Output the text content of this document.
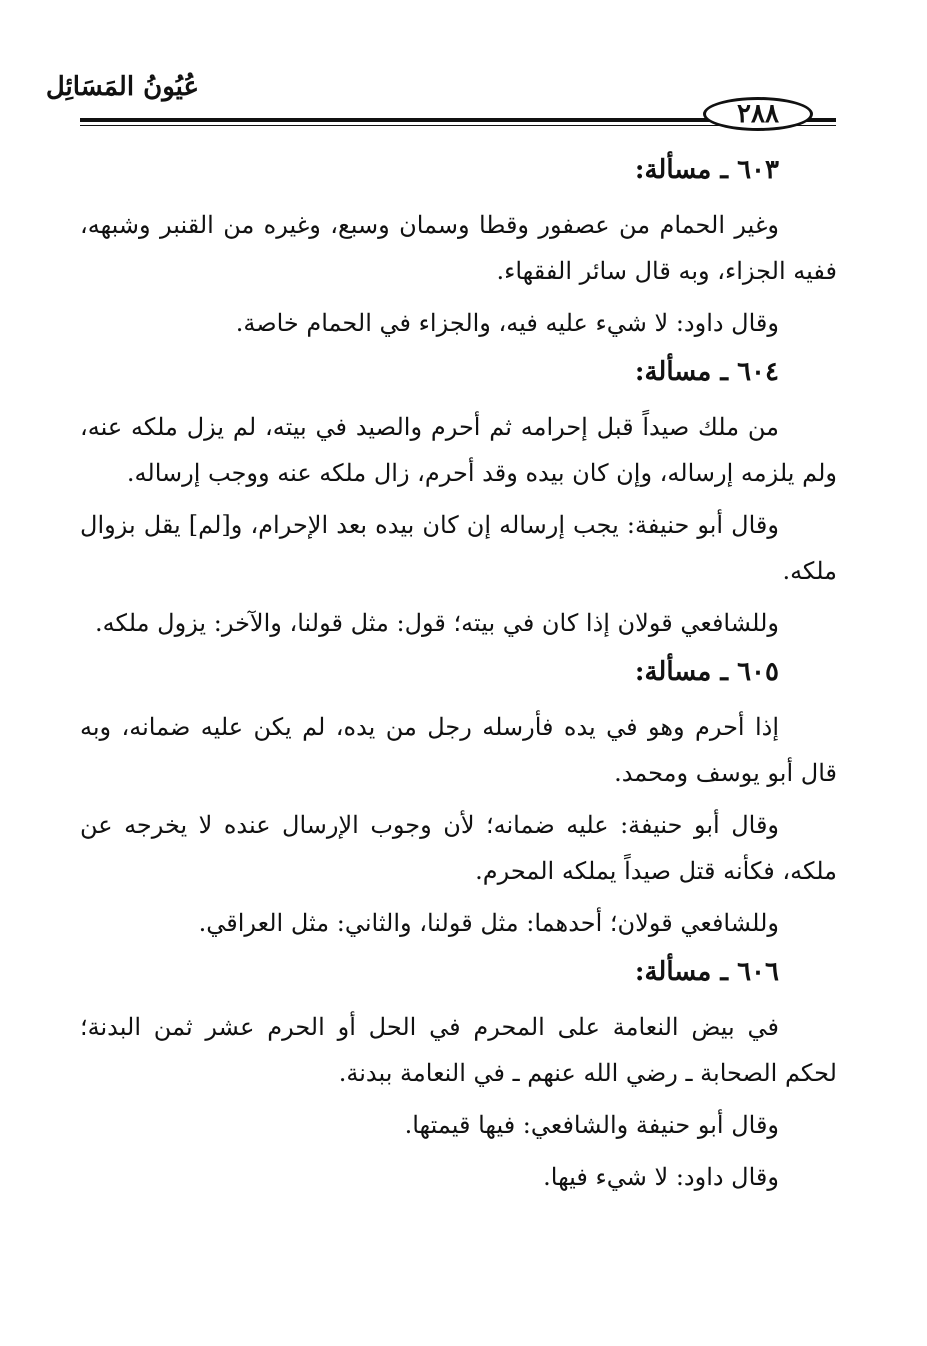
عُيُونُ المَسَائِل
٢٨٨
٦٠٣ ـ مسألة:

وغير الحمام من عصفور وقطا وسمان وسبع، وغيره من القنبر وشبهه، ففيه الجزاء، وبه قال سائر الفقهاء.

وقال داود: لا شيء عليه فيه، والجزاء في الحمام خاصة.

٦٠٤ ـ مسألة:

من ملك صيداً قبل إحرامه ثم أحرم والصيد في بيته، لم يزل ملكه عنه، ولم يلزمه إرساله، وإن كان بيده وقد أحرم، زال ملكه عنه ووجب إرساله.

وقال أبو حنيفة: يجب إرساله إن كان بيده بعد الإحرام، و[لم] يقل بزوال ملكه.

وللشافعي قولان إذا كان في بيته؛ قول: مثل قولنا، والآخر: يزول ملكه.

٦٠٥ ـ مسألة:

إذا أحرم وهو في يده فأرسله رجل من يده، لم يكن عليه ضمانه، وبه قال أبو يوسف ومحمد.

وقال أبو حنيفة: عليه ضمانه؛ لأن وجوب الإرسال عنده لا يخرجه عن ملكه، فكأنه قتل صيداً يملكه المحرم.

وللشافعي قولان؛ أحدهما: مثل قولنا، والثاني: مثل العراقي.

٦٠٦ ـ مسألة:

في بيض النعامة على المحرم في الحل أو الحرم عشر ثمن البدنة؛ لحكم الصحابة ـ رضي الله عنهم ـ في النعامة ببدنة.

وقال أبو حنيفة والشافعي: فيها قيمتها.

وقال داود: لا شيء فيها.
